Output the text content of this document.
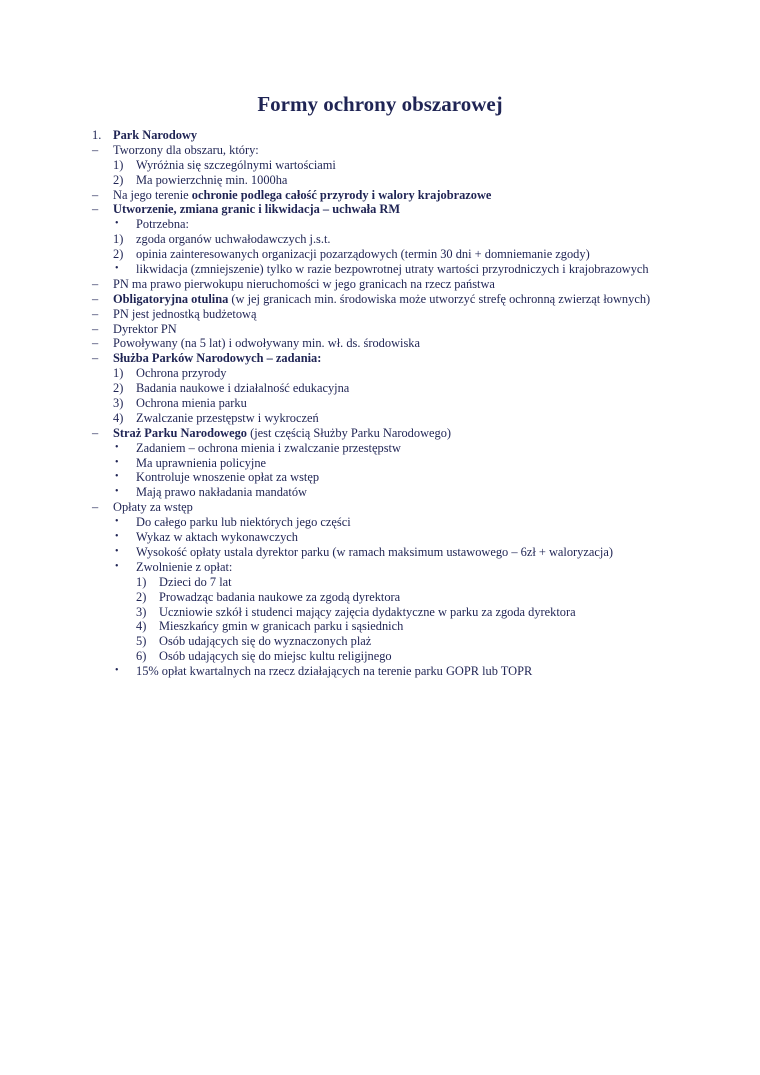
Formy ochrony obszarowej
1. Park Narodowy
– Tworzony dla obszaru, który:
1) Wyróżnia się szczególnymi wartościami
2) Ma powierzchnię min. 1000ha
– Na jego terenie ochronie podlega całość przyrody i walory krajobrazowe
– Utworzenie, zmiana granic i likwidacja – uchwała RM
• Potrzebna:
1) zgoda organów uchwałodawczych j.s.t.
2) opinia zainteresowanych organizacji pozarządowych (termin 30 dni + domniemanie zgody)
• likwidacja (zmniejszenie) tylko w razie bezpowrotnej utraty wartości przyrodniczych i krajobrazowych
– PN ma prawo pierwokupu nieruchomości w jego granicach na rzecz państwa
– Obligatoryjna otulina (w jej granicach min. środowiska może utworzyć strefę ochronną zwierząt łownych)
– PN jest jednostką budżetową
– Dyrektor PN
– Powoływany (na 5 lat) i odwoływany min. wł. ds. środowiska
– Służba Parków Narodowych – zadania:
1) Ochrona przyrody
2) Badania naukowe i działalność edukacyjna
3) Ochrona mienia parku
4) Zwalczanie przestępstw i wykroczeń
– Straż Parku Narodowego (jest częścią Służby Parku Narodowego)
• Zadaniem – ochrona mienia i zwalczanie przestępstw
• Ma uprawnienia policyjne
• Kontroluje wnoszenie opłat za wstęp
• Mają prawo nakładania mandatów
– Opłaty za wstęp
• Do całego parku lub niektórych jego części
• Wykaz w aktach wykonawczych
• Wysokość opłaty ustala dyrektor parku (w ramach maksimum ustawowego – 6zł + waloryzacja)
• Zwolnienie z opłat:
1) Dzieci do 7 lat
2) Prowadząc badania naukowe za zgodą dyrektora
3) Uczniowie szkół i studenci mający zajęcia dydaktyczne w parku za zgoda dyrektora
4) Mieszkańcy gmin w granicach parku i sąsiednich
5) Osób udających się do wyznaczonych plaż
6) Osób udających się do miejsc kultu religijnego
• 15% opłat kwartalnych na rzecz działających na terenie parku GOPR lub TOPR
